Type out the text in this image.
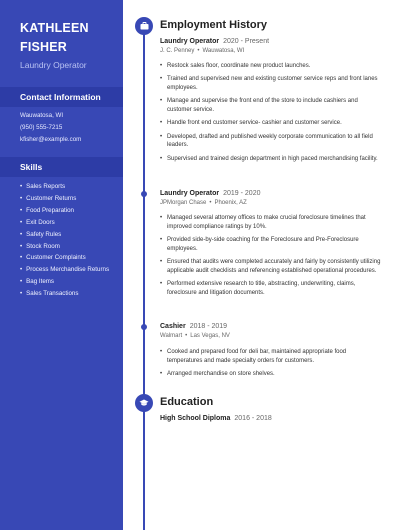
KATHLEEN
FISHER
Laundry Operator
Contact Information
Wauwatosa, WI
(950) 555-7215
kfisher@example.com
Skills
• Sales Reports
• Customer Returns
• Food Preparation
• Exit Doors
• Safety Rules
• Stock Room
• Customer Complaints
• Process Merchandise Returns
• Bag Items
• Sales Transactions
Employment History
Laundry Operator 2020 - Present
J. C. Penney • Wauwatosa, WI
• Restock sales floor, coordinate new product launches.
• Trained and supervised new and existing customer service reps and front lanes employees.
• Manage and supervise the front end of the store to include cashiers and customer service.
• Handle front end customer service- cashier and customer service.
• Developed, drafted and published weekly corporate communication to all field leaders.
• Supervised and trained design department in high paced merchandising facility.
Laundry Operator 2019 - 2020
JPMorgan Chase • Phoenix, AZ
• Managed several attorney offices to make crucial foreclosure timelines that improved compliance ratings by 10%.
• Provided side-by-side coaching for the Foreclosure and Pre-Foreclosure employees.
• Ensured that audits were completed accurately and fairly by consistently utilizing applicable audit checklists and referencing established operational procedures.
• Performed extensive research to title, abstracting, underwriting, claims, foreclosure and litigation documents.
Cashier 2018 - 2019
Walmart • Las Vegas, NV
• Cooked and prepared food for deli bar, maintained appropriate food temperatures and made specialty orders for customers.
• Arranged merchandise on store shelves.
Education
High School Diploma 2016 - 2018
